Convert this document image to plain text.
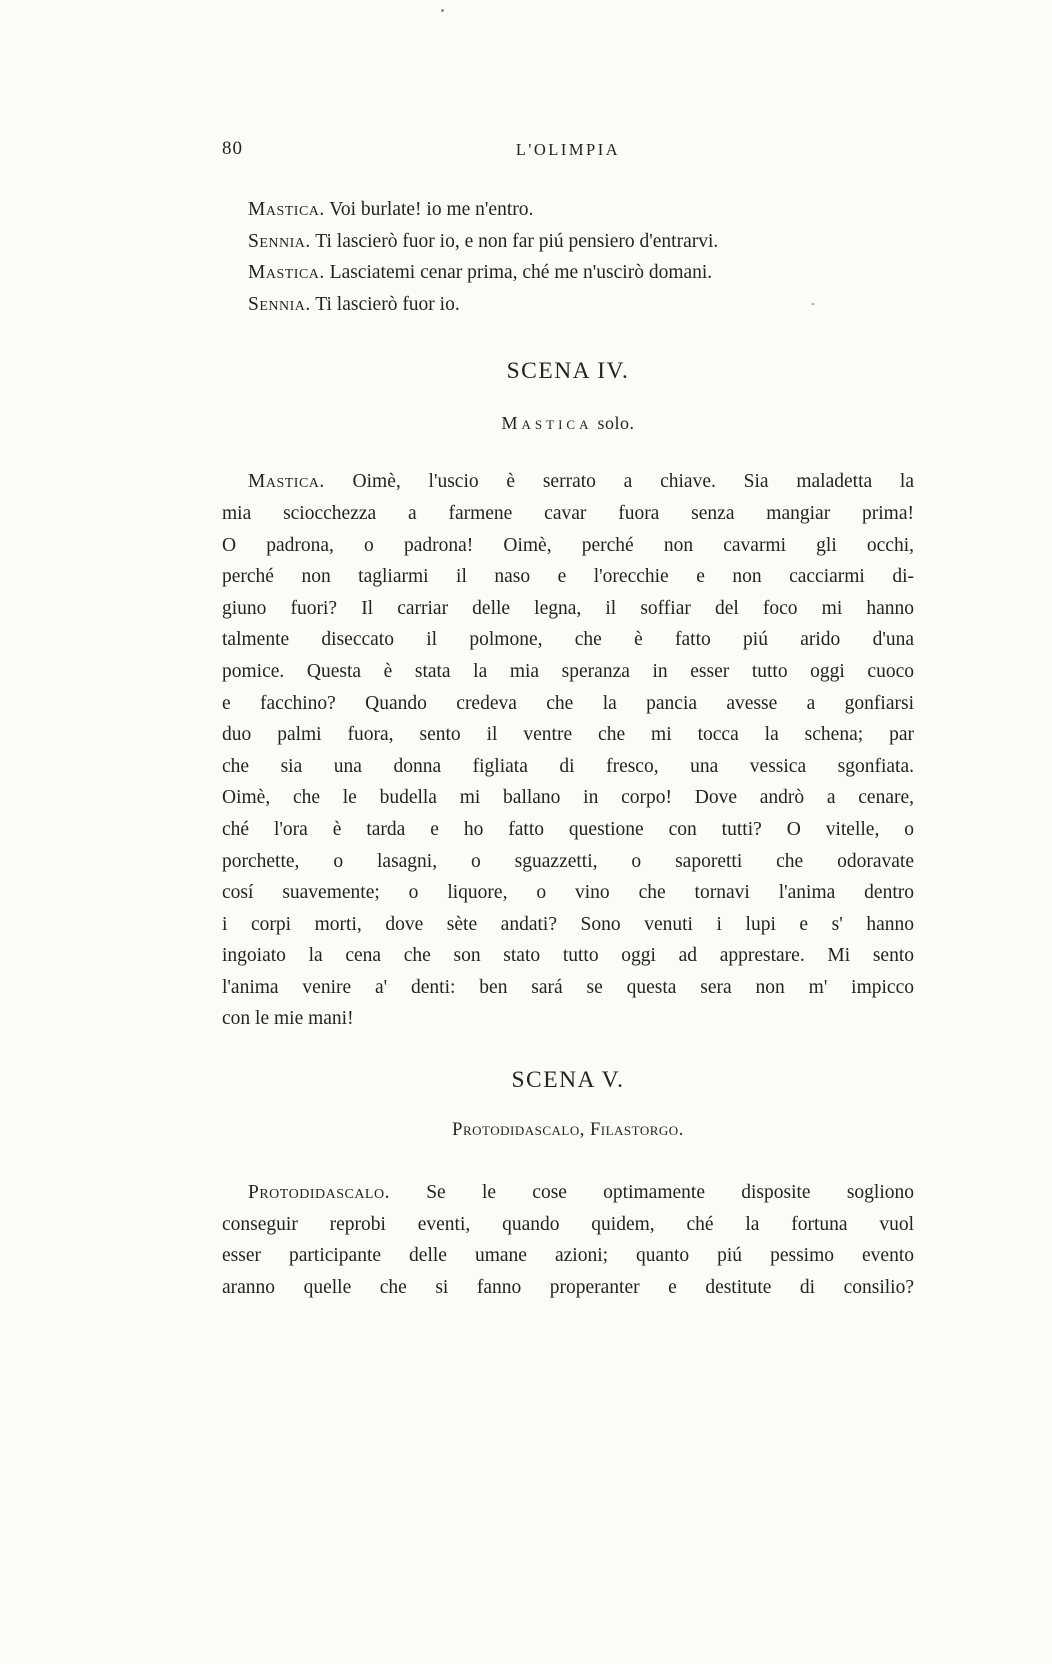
80	L'OLIMPIA

Mastica. Voi burlate! io me n'entro.

Sennia. Ti lascierò fuor io, e non far piú pensiero d'entrarvi.

Mastica. Lasciatemi cenar prima, ché me n'uscirò domani.

Sennia. Ti lascierò fuor io.

SCENA IV.

Mastica solo.

Mastica. Oimè, l'uscio è serrato a chiave. Sia maladetta la

mia sciocchezza a farmene cavar fuora senza mangiar prima!

O padrona, o padrona! Oimè, perché non cavarmi gli occhi,

perché non tagliarmi il naso e l'orecchie e non cacciarmi di-

giuno fuori? Il carriar delle legna, il soffiar del foco mi hanno

talmente diseccato il polmone, che è fatto piú arido d'una

pomice. Questa è stata la mia speranza in esser tutto oggi cuoco

e facchino? Quando credeva che la pancia avesse a gonfiarsi

duo palmi fuora, sento il ventre che mi tocca la schena; par

che sia una donna figliata di fresco, una vessica sgonfiata.

Oimè, che le budella mi ballano in corpo! Dove andrò a cenare,

ché l'ora è tarda e ho fatto questione con tutti? O vitelle, o

porchette, o lasagni, o sguazzetti, o saporetti che odoravate

cosí suavemente; o liquore, o vino che tornavi l'anima dentro

i corpi morti, dove sète andati? Sono venuti i lupi e s' hanno

ingoiato la cena che son stato tutto oggi ad apprestare. Mi sento

l'anima venire a' denti: ben sará se questa sera non m' impicco

con le mie mani!

SCENA V.

Protodidascalo, Filastorgo.

Protodidascalo. Se le cose optimamente disposite sogliono

conseguir reprobi eventi, quando quidem, ché la fortuna vuol

esser participante delle umane azioni; quanto piú pessimo evento

aranno quelle che si fanno properanter e destitute di consilio?
